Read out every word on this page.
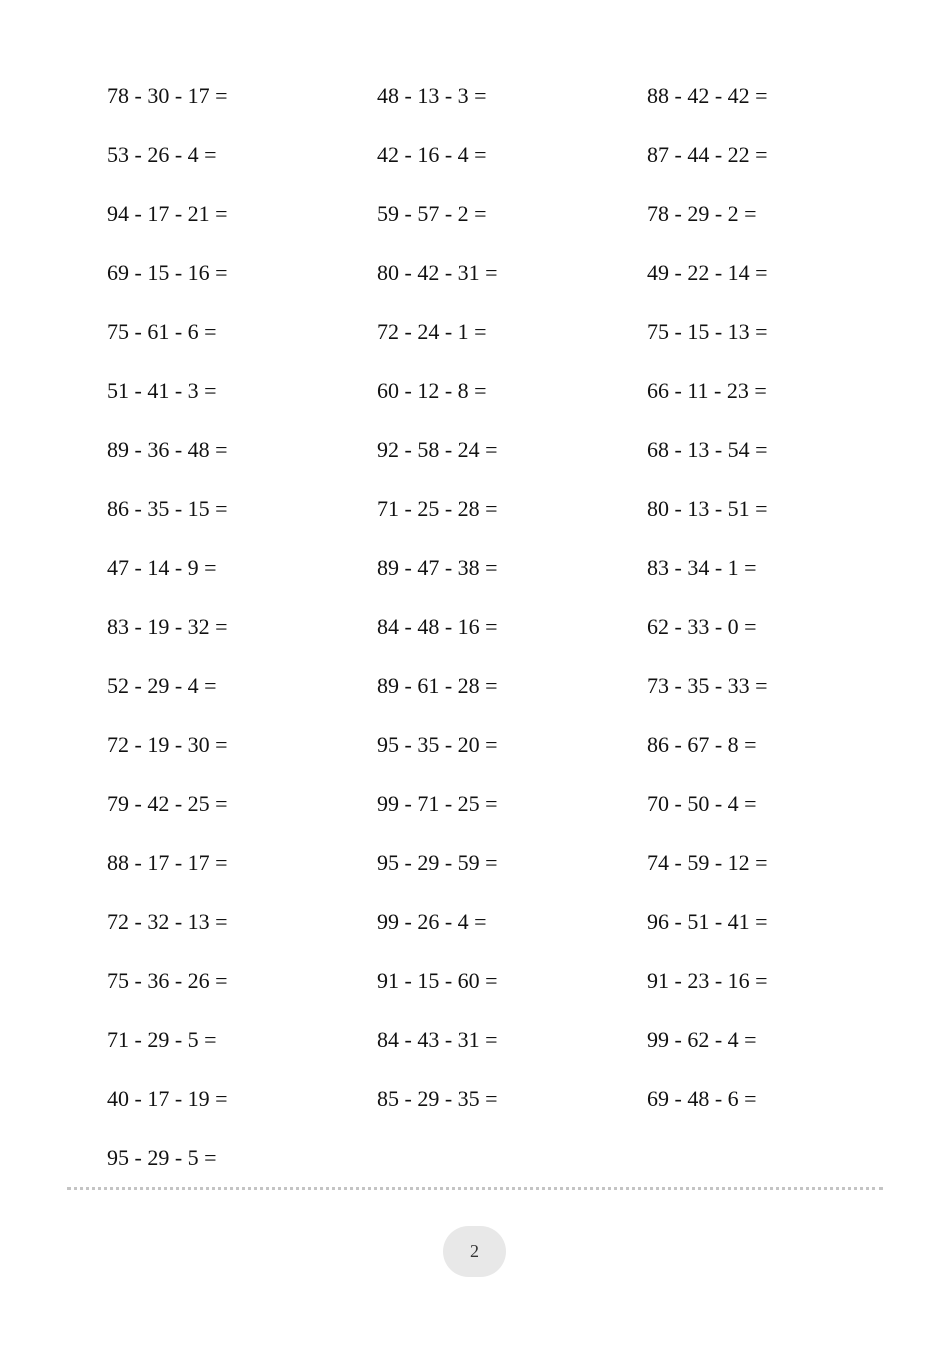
78 - 30 - 17 =	48 - 13 - 3 =	88 - 42 - 42 =
53 - 26 - 4 =	42 - 16 - 4 =	87 - 44 - 22 =
94 - 17 - 21 =	59 - 57 - 2 =	78 - 29 - 2 =
69 - 15 - 16 =	80 - 42 - 31 =	49 - 22 - 14 =
75 - 61 - 6 =	72 - 24 - 1 =	75 - 15 - 13 =
51 - 41 - 3 =	60 - 12 - 8 =	66 - 11 - 23 =
89 - 36 - 48 =	92 - 58 - 24 =	68 - 13 - 54 =
86 - 35 - 15 =	71 - 25 - 28 =	80 - 13 - 51 =
47 - 14 - 9 =	89 - 47 - 38 =	83 - 34 - 1 =
83 - 19 - 32 =	84 - 48 - 16 =	62 - 33 - 0 =
52 - 29 - 4 =	89 - 61 - 28 =	73 - 35 - 33 =
72 - 19 - 30 =	95 - 35 - 20 =	86 - 67 - 8 =
79 - 42 - 25 =	99 - 71 - 25 =	70 - 50 - 4 =
88 - 17 - 17 =	95 - 29 - 59 =	74 - 59 - 12 =
72 - 32 - 13 =	99 - 26 - 4 =	96 - 51 - 41 =
75 - 36 - 26 =	91 - 15 - 60 =	91 - 23 - 16 =
71 - 29 - 5 =	84 - 43 - 31 =	99 - 62 - 4 =
40 - 17 - 19 =	85 - 29 - 35 =	69 - 48 - 6 =
95 - 29 - 5 =
2
